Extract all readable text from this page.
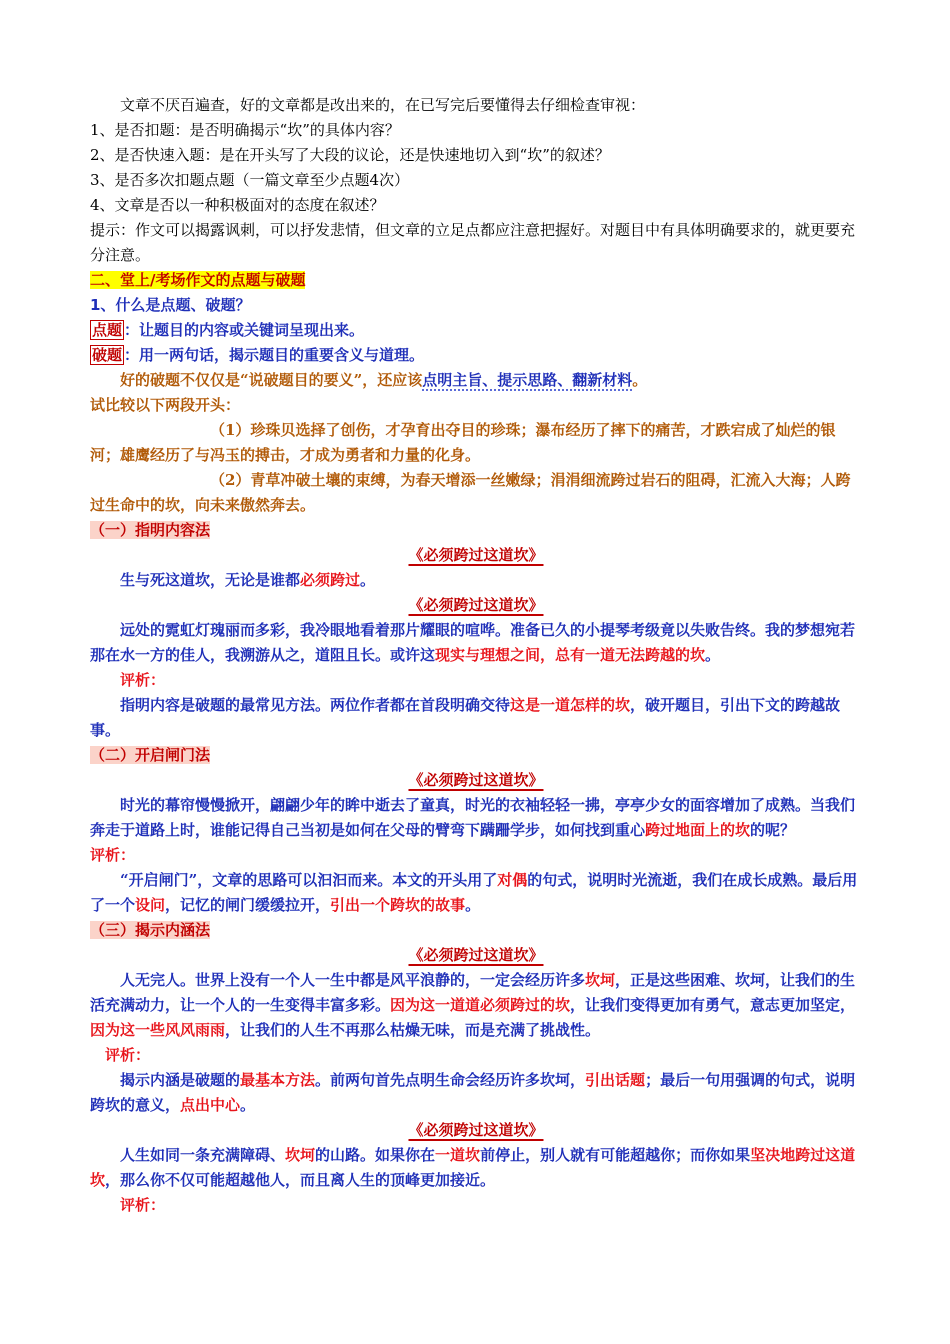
文章不厌百遍查，好的文章都是改出来的，在已写完后要懂得去仔细检查审视：

1、是否扣题：是否明确揭示“坎”的具体内容？

2、是否快速入题：是在开头写了大段的议论，还是快速地切入到“坎”的叙述？

3、是否多次扣题点题（一篇文章至少点题4次）

4、文章是否以一种积极面对的态度在叙述？

提示：作文可以揭露讽刺，可以抒发悲情，但文章的立足点都应注意把握好。对题目中有具体明确要求的，就更要充分注意。

二、堂上/考场作文的点题与破题

1、什么是点题、破题？

点题 ：让题目的内容或关键词呈现出来。

破题 ：用一两句话，揭示题目的重要含义与道理。

好的破题不仅仅是“说破题目的要义”，还应该点明主旨、提示思路、翻新材料。

试比较以下两段开头：

（1）珍珠贝选择了创伤，才孕育出夺目的珍珠；瀑布经历了摔下的痛苦，才跌宕成了灿烂的银河；雄鹰经历了与冯玉的搏击，才成为勇者和力量的化身。

（2）青草冲破土壤的束缚，为春天增添一丝嫩绿；涓涓细流跨过岩石的阻碍，汇流入大海；人跨过生命中的坎，向未来傲然奔去。

（一）指明内容法

《必须跨过这道坎》

生与死这道坎，无论是谁都必须跨过。

《必须跨过这道坎》

远处的霓虹灯瑰丽而多彩，我冷眼地看着那片耀眼的喧哗。准备已久的小提琴考级竟以失败告终。我的梦想宛若那在水一方的佳人，我溯游从之，道阻且长。或许这现实与理想之间，总有一道无法跨越的坎。

评析：

指明内容是破题的最常见方法。两位作者都在首段明确交待这是一道怎样的坎，破开题目，引出下文的跨越故事。

（二）开启闸门法

《必须跨过这道坎》

时光的幕帘慢慢掀开，翩翩少年的眸中逝去了童真，时光的衣袖轻轻一拂，亭亭少女的面容增加了成熟。当我们奔走于道路上时，谁能记得自己当初是如何在父母的臂弯下蹒跚学步，如何找到重心跨过地面上的坎的呢？

评析：

“开启闸门”，文章的思路可以汩汩而来。本文的开头用了对偶的句式，说明时光流逝，我们在成长成熟。最后用了一个设问，记忆的闸门缓缓拉开，引出一个跨坎的故事。

（三）揭示内涵法

《必须跨过这道坎》

人无完人。世界上没有一个人一生中都是风平浪静的，一定会经历许多坎坷，正是这些困难、坎坷，让我们的生活充满动力，让一个人的一生变得丰富多彩。因为这一道道必须跨过的坎，让我们变得更加有勇气，意志更加坚定，因为这一些风风雨雨，让我们的人生不再那么枯燥无味，而是充满了挑战性。

评析：

揭示内涵是破题的最基本方法。前两句首先点明生命会经历许多坎坷，引出话题；最后一句用强调的句式，说明跨坎的意义，点出中心。

《必须跨过这道坎》

人生如同一条充满障碍、坎坷的山路。如果你在一道坎前停止，别人就有可能超越你；而你如果坚决地跨过这道坎，那么你不仅可能超越他人，而且离人生的顶峰更加接近。

评析：
